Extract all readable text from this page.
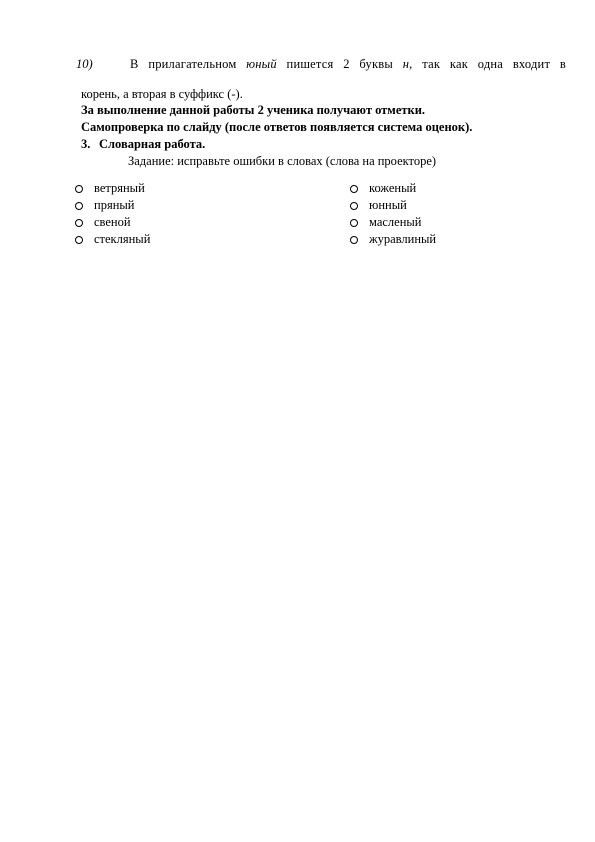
10)	В прилагательном юный пишется 2 буквы н, так как одна входит в
корень, а вторая в суффикс (-).
За выполнение данной работы 2 ученика получают отметки.
Самопроверка по слайду (после ответов появляется система оценок).
3. Словарная работа.
Задание: исправьте ошибки в словах (слова на проекторе)
ветряный
пряный
свеной
стекляный
коженый
юнный
масленый
журавлиный
